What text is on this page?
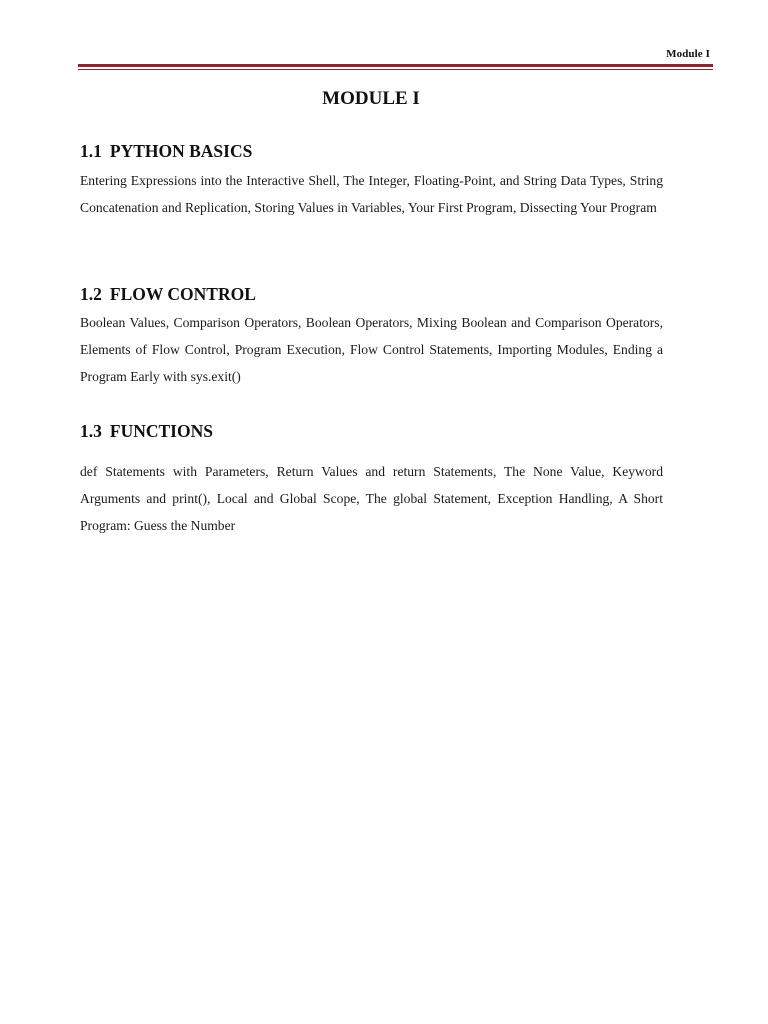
Module I
MODULE I
1.1 PYTHON BASICS

Entering Expressions into the Interactive Shell, The Integer, Floating-Point, and String Data Types, String Concatenation and Replication, Storing Values in Variables, Your First Program, Dissecting Your Program

1.2 FLOW CONTROL

Boolean Values, Comparison Operators, Boolean Operators, Mixing Boolean and Comparison Operators, Elements of Flow Control, Program Execution, Flow Control Statements, Importing Modules, Ending a Program Early with sys.exit()

1.3 FUNCTIONS

def Statements with Parameters, Return Values and return Statements, The None Value, Keyword Arguments and print(), Local and Global Scope, The global Statement, Exception Handling, A Short Program: Guess the Number
